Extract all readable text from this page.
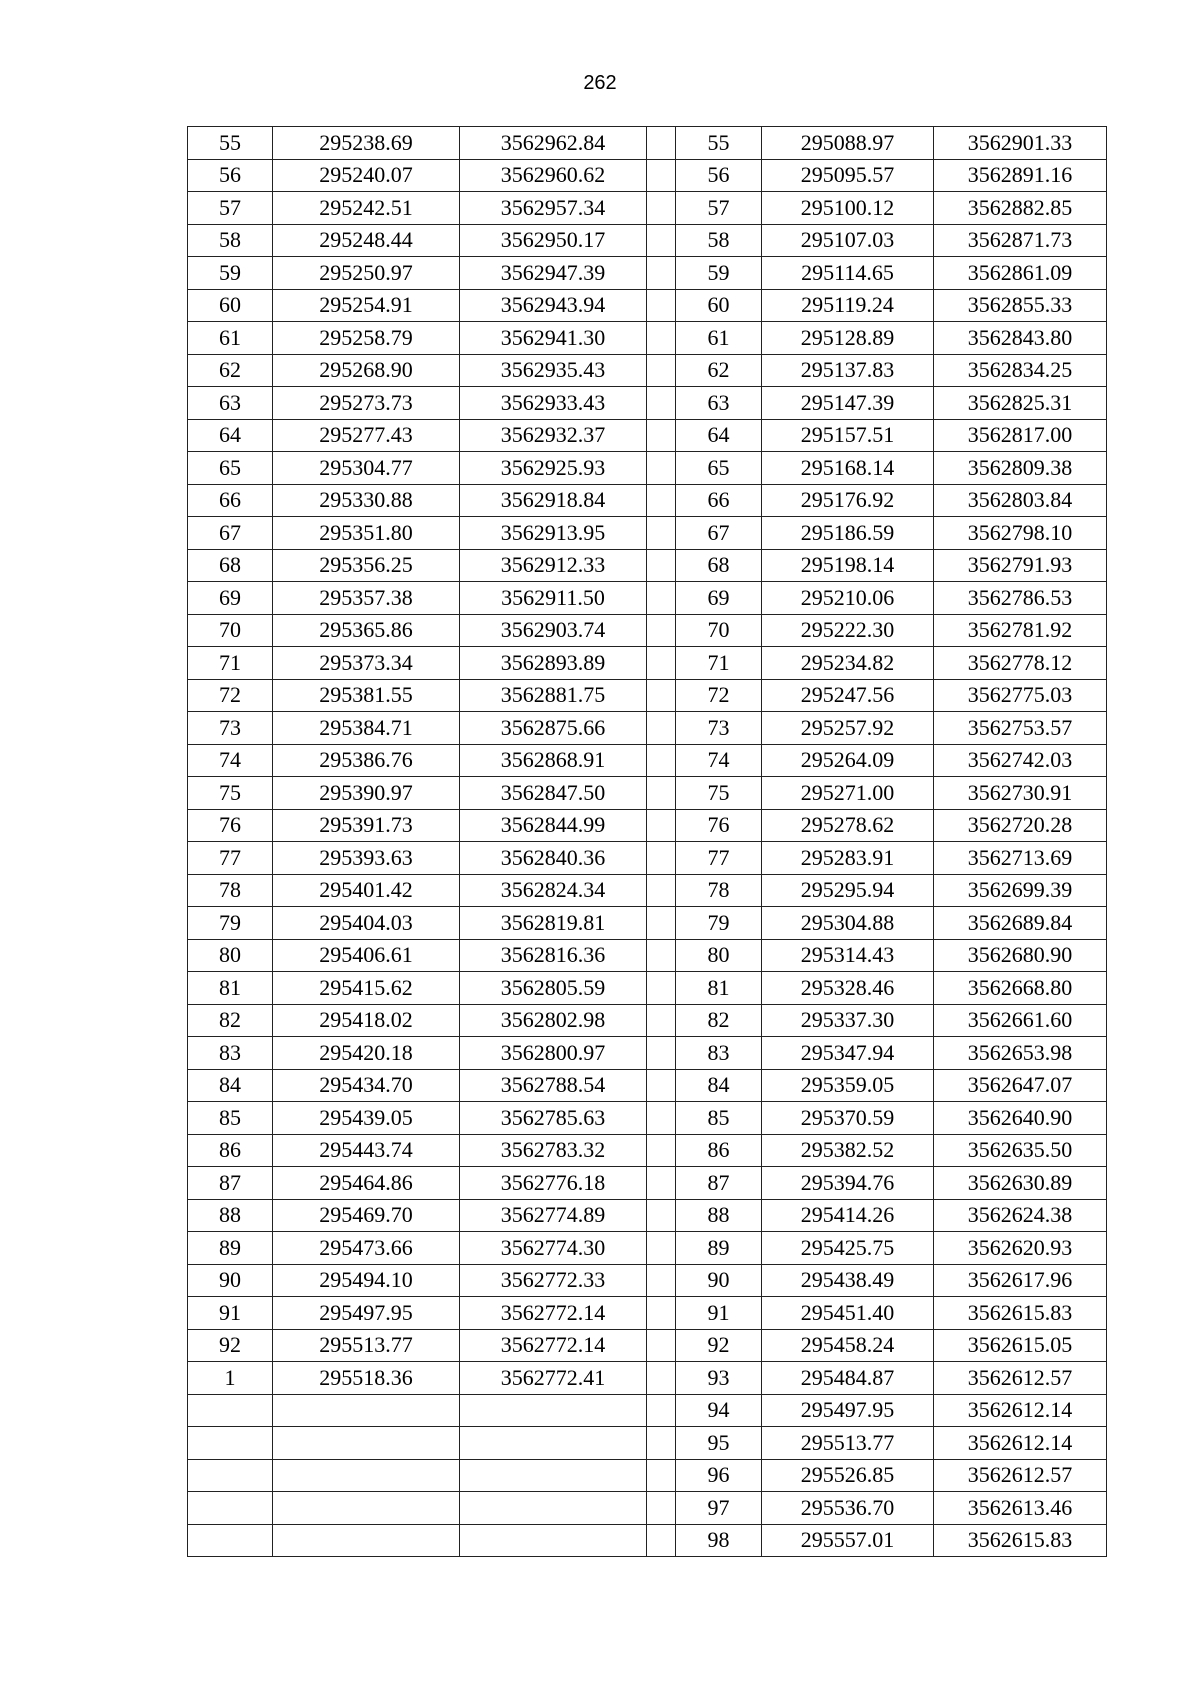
262
55	295238.69	3562962.84		55	295088.97	3562901.33
56	295240.07	3562960.62		56	295095.57	3562891.16
57	295242.51	3562957.34		57	295100.12	3562882.85
58	295248.44	3562950.17		58	295107.03	3562871.73
59	295250.97	3562947.39		59	295114.65	3562861.09
60	295254.91	3562943.94		60	295119.24	3562855.33
61	295258.79	3562941.30		61	295128.89	3562843.80
62	295268.90	3562935.43		62	295137.83	3562834.25
63	295273.73	3562933.43		63	295147.39	3562825.31
64	295277.43	3562932.37		64	295157.51	3562817.00
65	295304.77	3562925.93		65	295168.14	3562809.38
66	295330.88	3562918.84		66	295176.92	3562803.84
67	295351.80	3562913.95		67	295186.59	3562798.10
68	295356.25	3562912.33		68	295198.14	3562791.93
69	295357.38	3562911.50		69	295210.06	3562786.53
70	295365.86	3562903.74		70	295222.30	3562781.92
71	295373.34	3562893.89		71	295234.82	3562778.12
72	295381.55	3562881.75		72	295247.56	3562775.03
73	295384.71	3562875.66		73	295257.92	3562753.57
74	295386.76	3562868.91		74	295264.09	3562742.03
75	295390.97	3562847.50		75	295271.00	3562730.91
76	295391.73	3562844.99		76	295278.62	3562720.28
77	295393.63	3562840.36		77	295283.91	3562713.69
78	295401.42	3562824.34		78	295295.94	3562699.39
79	295404.03	3562819.81		79	295304.88	3562689.84
80	295406.61	3562816.36		80	295314.43	3562680.90
81	295415.62	3562805.59		81	295328.46	3562668.80
82	295418.02	3562802.98		82	295337.30	3562661.60
83	295420.18	3562800.97		83	295347.94	3562653.98
84	295434.70	3562788.54		84	295359.05	3562647.07
85	295439.05	3562785.63		85	295370.59	3562640.90
86	295443.74	3562783.32		86	295382.52	3562635.50
87	295464.86	3562776.18		87	295394.76	3562630.89
88	295469.70	3562774.89		88	295414.26	3562624.38
89	295473.66	3562774.30		89	295425.75	3562620.93
90	295494.10	3562772.33		90	295438.49	3562617.96
91	295497.95	3562772.14		91	295451.40	3562615.83
92	295513.77	3562772.14		92	295458.24	3562615.05
1	295518.36	3562772.41		93	295484.87	3562612.57
				94	295497.95	3562612.14
				95	295513.77	3562612.14
				96	295526.85	3562612.57
				97	295536.70	3562613.46
				98	295557.01	3562615.83
